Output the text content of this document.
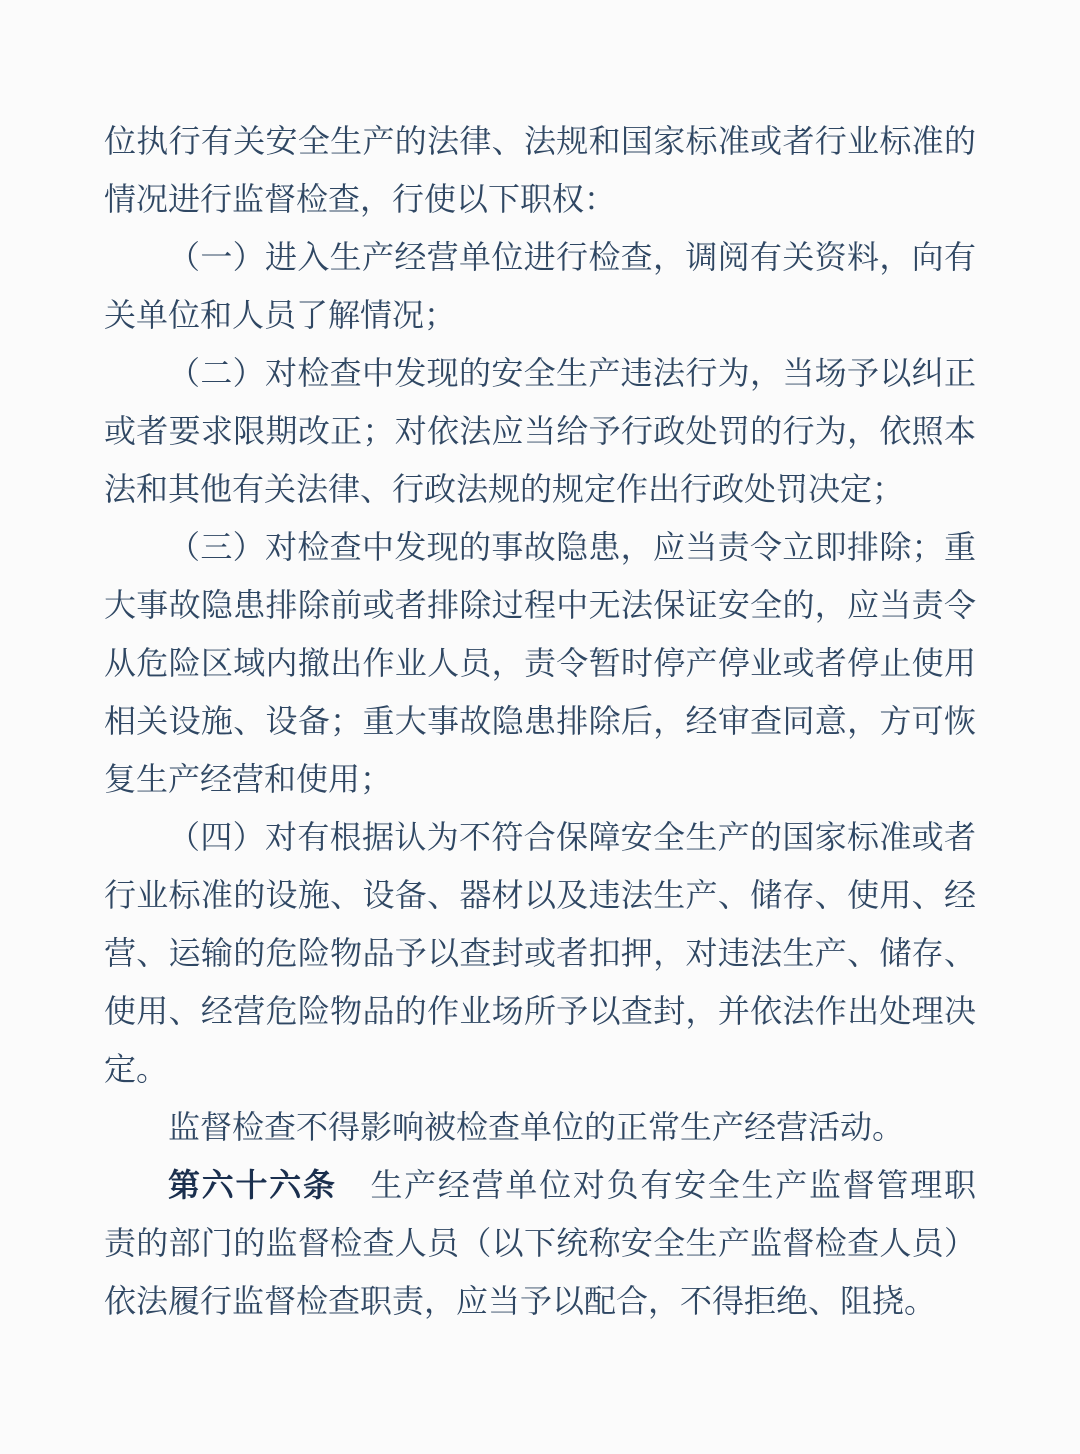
位执行有关安全生产的法律、法规和国家标准或者行业标准的
情况进行监督检查，行使以下职权：
（一）进入生产经营单位进行检查，调阅有关资料，向有
关单位和人员了解情况；
（二）对检查中发现的安全生产违法行为，当场予以纠正
或者要求限期改正；对依法应当给予行政处罚的行为，依照本
法和其他有关法律、行政法规的规定作出行政处罚决定；
（三）对检查中发现的事故隐患，应当责令立即排除；重
大事故隐患排除前或者排除过程中无法保证安全的，应当责令
从危险区域内撤出作业人员，责令暂时停产停业或者停止使用
相关设施、设备；重大事故隐患排除后，经审查同意，方可恢
复生产经营和使用；
（四）对有根据认为不符合保障安全生产的国家标准或者
行业标准的设施、设备、器材以及违法生产、储存、使用、经
营、运输的危险物品予以查封或者扣押，对违法生产、储存、
使用、经营危险物品的作业场所予以查封，并依法作出处理决
定。
监督检查不得影响被检查单位的正常生产经营活动。
第六十六条　生产经营单位对负有安全生产监督管理职
责的部门的监督检查人员（以下统称安全生产监督检查人员）
依法履行监督检查职责，应当予以配合，不得拒绝、阻挠。
